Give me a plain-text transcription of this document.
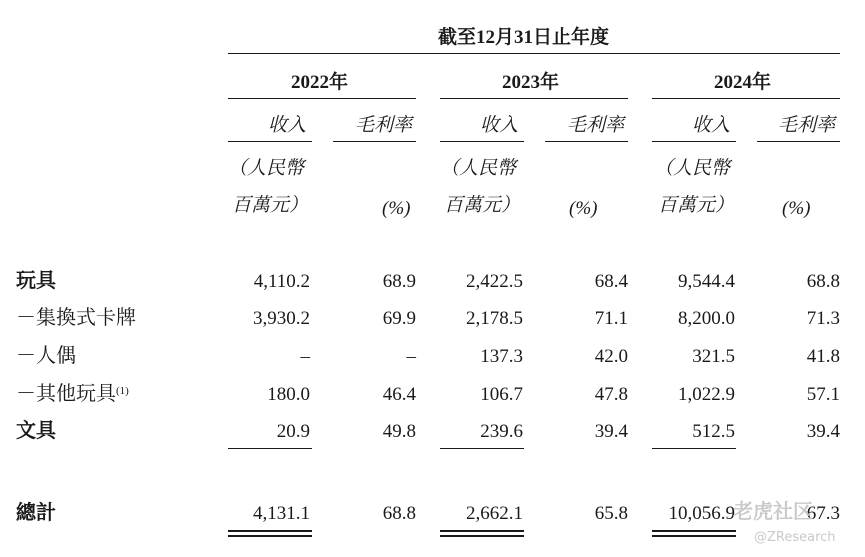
截至12月31日止年度
2022年	2023年	2024年
收入	毛利率	收入	毛利率	收入	毛利率
（人民幣
百萬元）	(%)
（人民幣
百萬元）	(%)
（人民幣
百萬元）	(%)
玩具	4,110.2	68.9	2,422.5	68.4	9,544.4	68.8
－集換式卡牌	3,930.2	69.9	2,178.5	71.1	8,200.0	71.3
－人偶	–	–	137.3	42.0	321.5	41.8
－其他玩具$^{(1)}$	180.0	46.4	106.7	47.8	1,022.9	57.1
文具	20.9	49.8	239.6	39.4	512.5	39.4
總計	4,131.1	68.8	2,662.1	65.8 10,056.9	67.3
老虎社区
@ZResearch
